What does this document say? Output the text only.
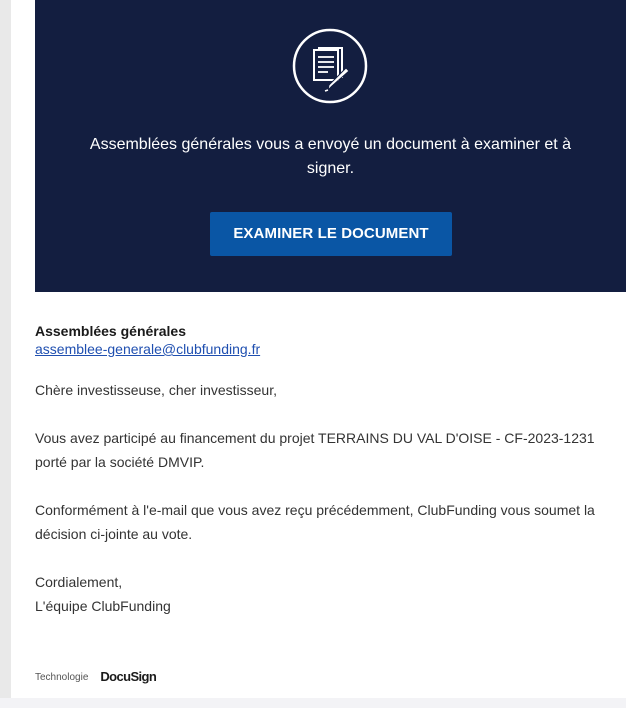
Assemblées générales vous a envoyé un document à examiner et à signer.
EXAMINER LE DOCUMENT
Assemblées générales
assemblee-generale@clubfunding.fr

Chère investisseuse, cher investisseur,

Vous avez participé au financement du projet TERRAINS DU VAL D'OISE - CF-2023-1231 porté par la société DMVIP.

Conformément à l'e-mail que vous avez reçu précédemment, ClubFunding vous soumet la décision ci-jointe au vote.

Cordialement,

L'équipe ClubFunding

Technologie DocuSign
